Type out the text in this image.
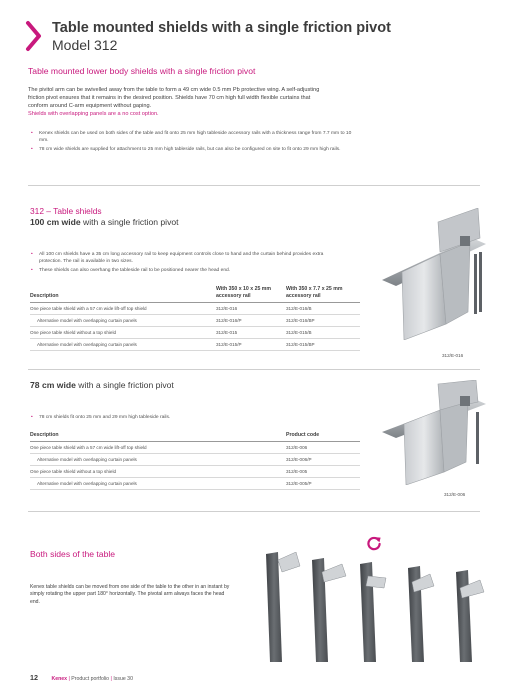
Table mounted shields with a single friction pivot
Model 312
Table mounted lower body shields with a single friction pivot
The pivitol arm can be swivelled away from the table to form a 49 cm wide 0.5 mm Pb protective wing. A self-adjusting friction pivot ensures that it remains in the desired position. Shields have 70 cm high full width flexible curtains that conform around C-arm equipment without gaping.
Shields with overlapping panels are a no cost option.
• Kenex shields can be used on both sides of the table and fit onto 25 mm high tableside accessory rails with a thickness range from 7.7 mm to 10 mm.
• 78 cm wide shields are supplied for attachment to 25 mm high tableside rails, but can also be configured on site to fit onto 29 mm high rails.
312 – Table shields
100 cm wide with a single friction pivot
• All 100 cm shields have a 35 cm long accessory rail to keep equipment controls close to hand and the curtain behind provides extra protection. The rail is available in two sizes.
• These shields can also overhang the tableside rail to be positioned nearer the head end.
Description	With 350 x 10 x 25 mm accessory rail	With 350 x 7.7 x 25 mm accessory rail
One piece table shield with a 57 cm wide lift-off top shield	312/E-016	312/E-016/B
Alternative model with overlapping curtain panels	312/E-016/P	312/E-016/BP
One piece table shield without a top shield	312/E-015	312/E-015/B
Alternative model with overlapping curtain panels	312/E-015/P	312/E-015/BP
312/E-016
78 cm wide with a single friction pivot
• 78 cm shields fit onto 25 mm and 29 mm high tableside rails.
Description	Product code
One piece table shield with a 57 cm wide lift-off top shield	312/E-006
Alternative model with overlapping curtain panels	312/E-006/P
One piece table shield without a top shield	312/E-005
Alternative model with overlapping curtain panels	312/E-005/P
312/E-006
Both sides of the table
Kenex table shields can be moved from one side of the table to the other in an instant by simply rotating the upper part 180° horizontally. The pivotal arm always faces the head end.
12	Kenex | Product portfolio | Issue 30
